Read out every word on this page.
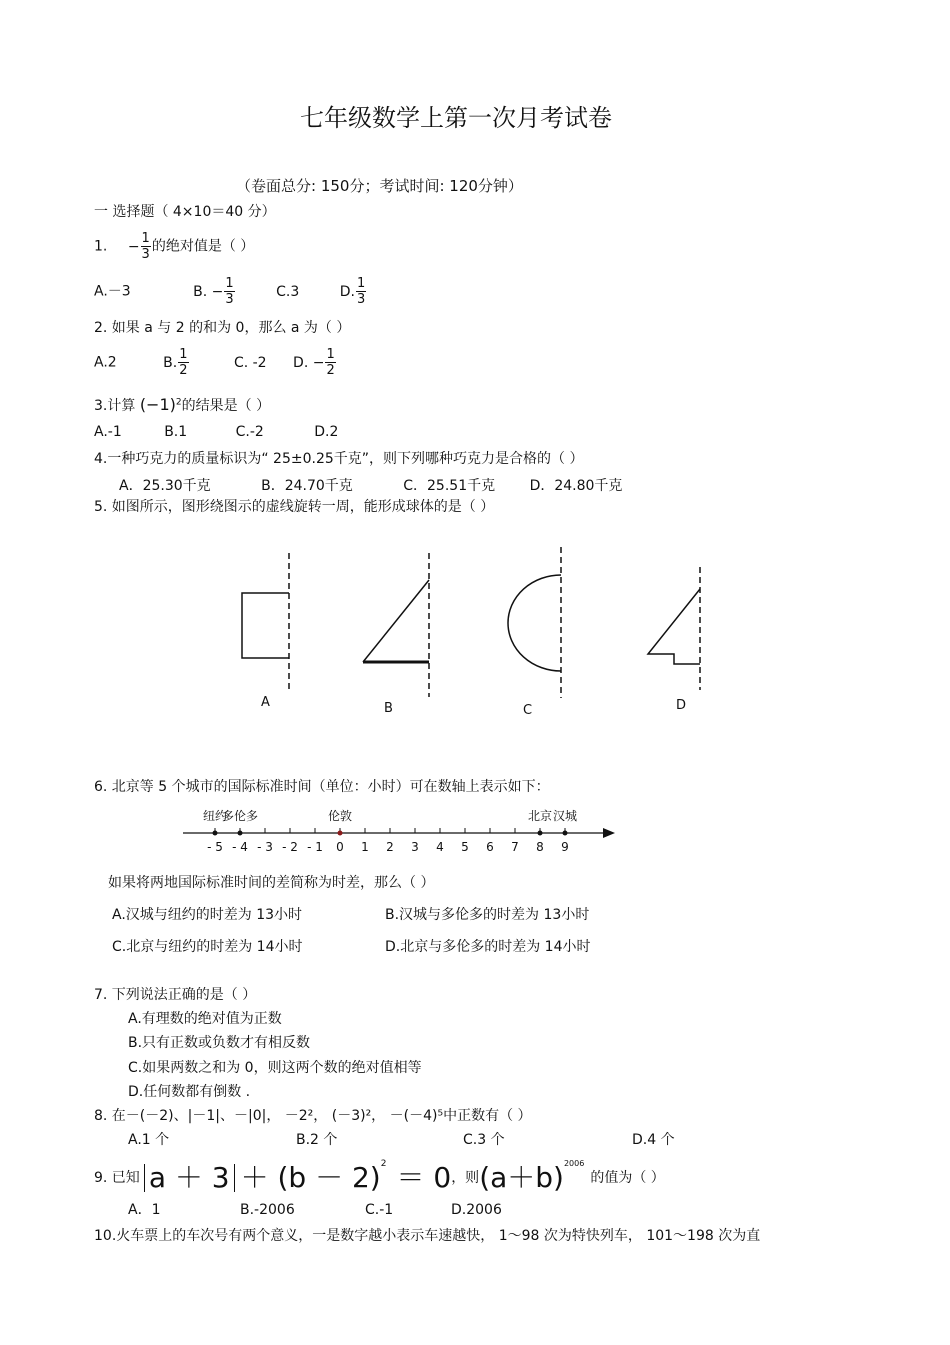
七年级数学上第一次月考试卷
（卷面总分: 150分；考试时间: 120分钟）
一 选择题（ 4×10＝40 分）
1. − $\frac{1}{3}$ 的绝对值是（ ）
A.－3	B. − $\frac{1}{3}$	C.3	D. $\frac{1}{3}$
2. 如果 a 与 2 的和为 0，那么 a 为（ ）
A.2	B. $\frac{1}{2}$	C. -2 D. − $\frac{1}{2}$
3.计算 $(-1)^2$的结果是（ ）
A.-1	B.1	C.-2	D.2
4.一种巧克力的质量标识为“ 25±0.25千克”，则下列哪种巧克力是合格的（ ）
A．25.30千克	B．24.70千克	C．25.51千克 D．24.80千克
5. 如图所示，图形绕图示的虚线旋转一周，能形成球体的是（ ）
A	B	C	D
- 5 - 4 - 3 - 2 - 1 0 1 2 3 4 5 6 7 8 9
纽约
多伦多	伦敦	北京 汉城
6. 北京等 5 个城市的国际标准时间（单位：小时）可在数轴上表示如下：
如果将两地国际标准时间的差简称为时差，那么（ ）
A.汉城与纽约的时差为 13小时	B.汉城与多伦多的时差为 13小时
C.北京与纽约的时差为 14小时	D.北京与多伦多的时差为 14小时
7. 下列说法正确的是（ ）
A.有理数的绝对值为正数
B.只有正数或负数才有相反数
C.如果两数之和为 0，则这两个数的绝对值相等
D.任何数都有倒数 .
8. 在－(－2)、|－1|、－|0|， －2²， (－3)²， －(－4)⁵中正数有（ ）
A.1 个	B.2 个	C.3 个	D.4 个
9. 已知 $a + 3 + (b - 2)^2 = 0$ ，则 $(a+b)^{2006}$
的值为（ ）
A．1	B.-2006	C.-1	D.2006
10.火车票上的车次号有两个意义，一是数字越小表示车速越快， 1～98 次为特快列车， 101～198 次为直
